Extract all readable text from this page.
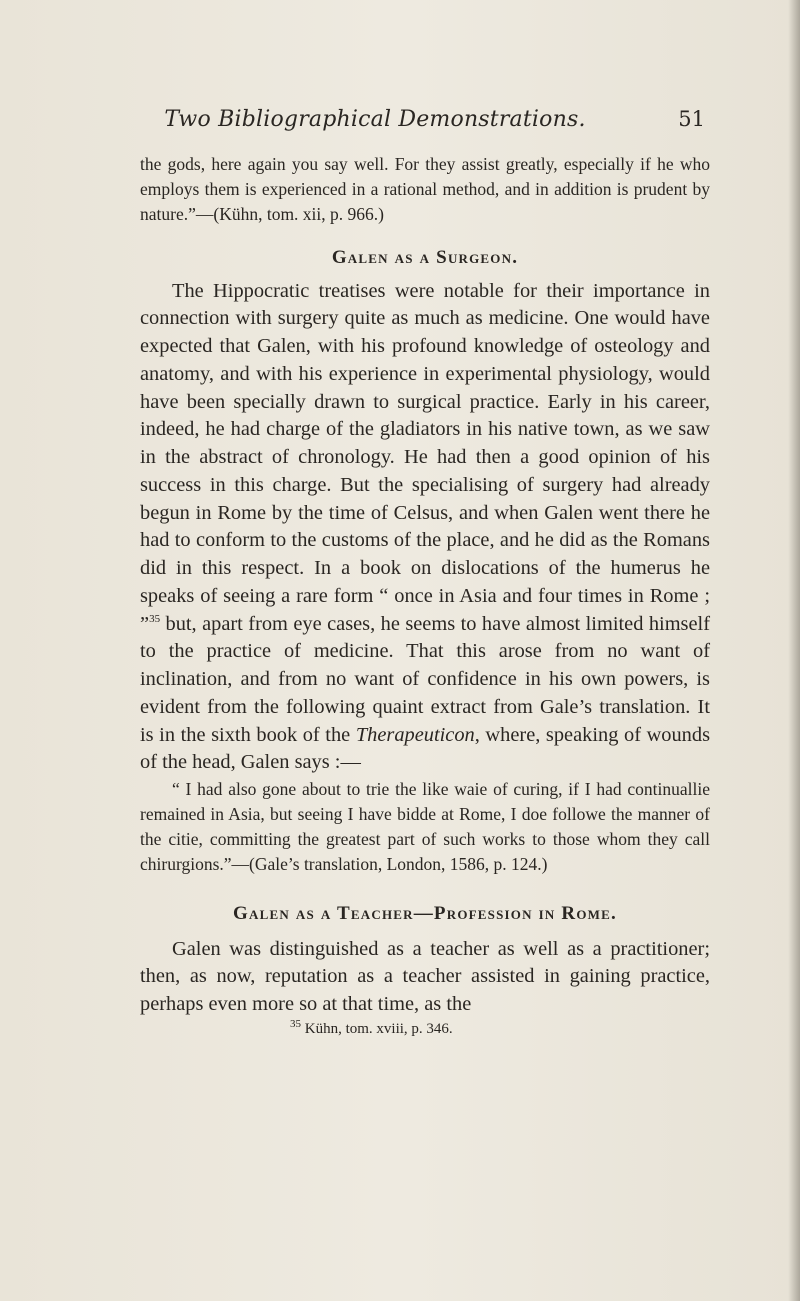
Two Bibliographical Demonstrations.	51

the gods, here again you say well. For they assist greatly, especially if he who employs them is experienced in a rational method, and in addition is prudent by nature.”—(Kühn, tom. xii, p. 966.)

Galen as a Surgeon.

The Hippocratic treatises were notable for their importance in connection with surgery quite as much as medicine. One would have expected that Galen, with his profound knowledge of osteology and anatomy, and with his experience in experimental physiology, would have been specially drawn to surgical practice. Early in his career, indeed, he had charge of the gladiators in his native town, as we saw in the abstract of chronology. He had then a good opinion of his success in this charge. But the specialising of surgery had already begun in Rome by the time of Celsus, and when Galen went there he had to conform to the customs of the place, and he did as the Romans did in this respect. In a book on dislocations of the humerus he speaks of seeing a rare form “ once in Asia and four times in Rome ; ”$^{35}$ but, apart from eye cases, he seems to have almost limited himself to the practice of medicine. That this arose from no want of inclination, and from no want of confidence in his own powers, is evident from the following quaint extract from Gale’s translation. It is in the sixth book of the Therapeuticon, where, speaking of wounds of the head, Galen says :—

“ I had also gone about to trie the like waie of curing, if I had continuallie remained in Asia, but seeing I have bidde at Rome, I doe followe the manner of the citie, committing the greatest part of such works to those whom they call chirurgions.”—(Gale’s translation, London, 1586, p. 124.)

Galen as a Teacher—Profession in Rome.

Galen was distinguished as a teacher as well as a practitioner; then, as now, reputation as a teacher assisted in gaining practice, perhaps even more so at that time, as the

$^{35}$ Kühn, tom. xviii, p. 346.
